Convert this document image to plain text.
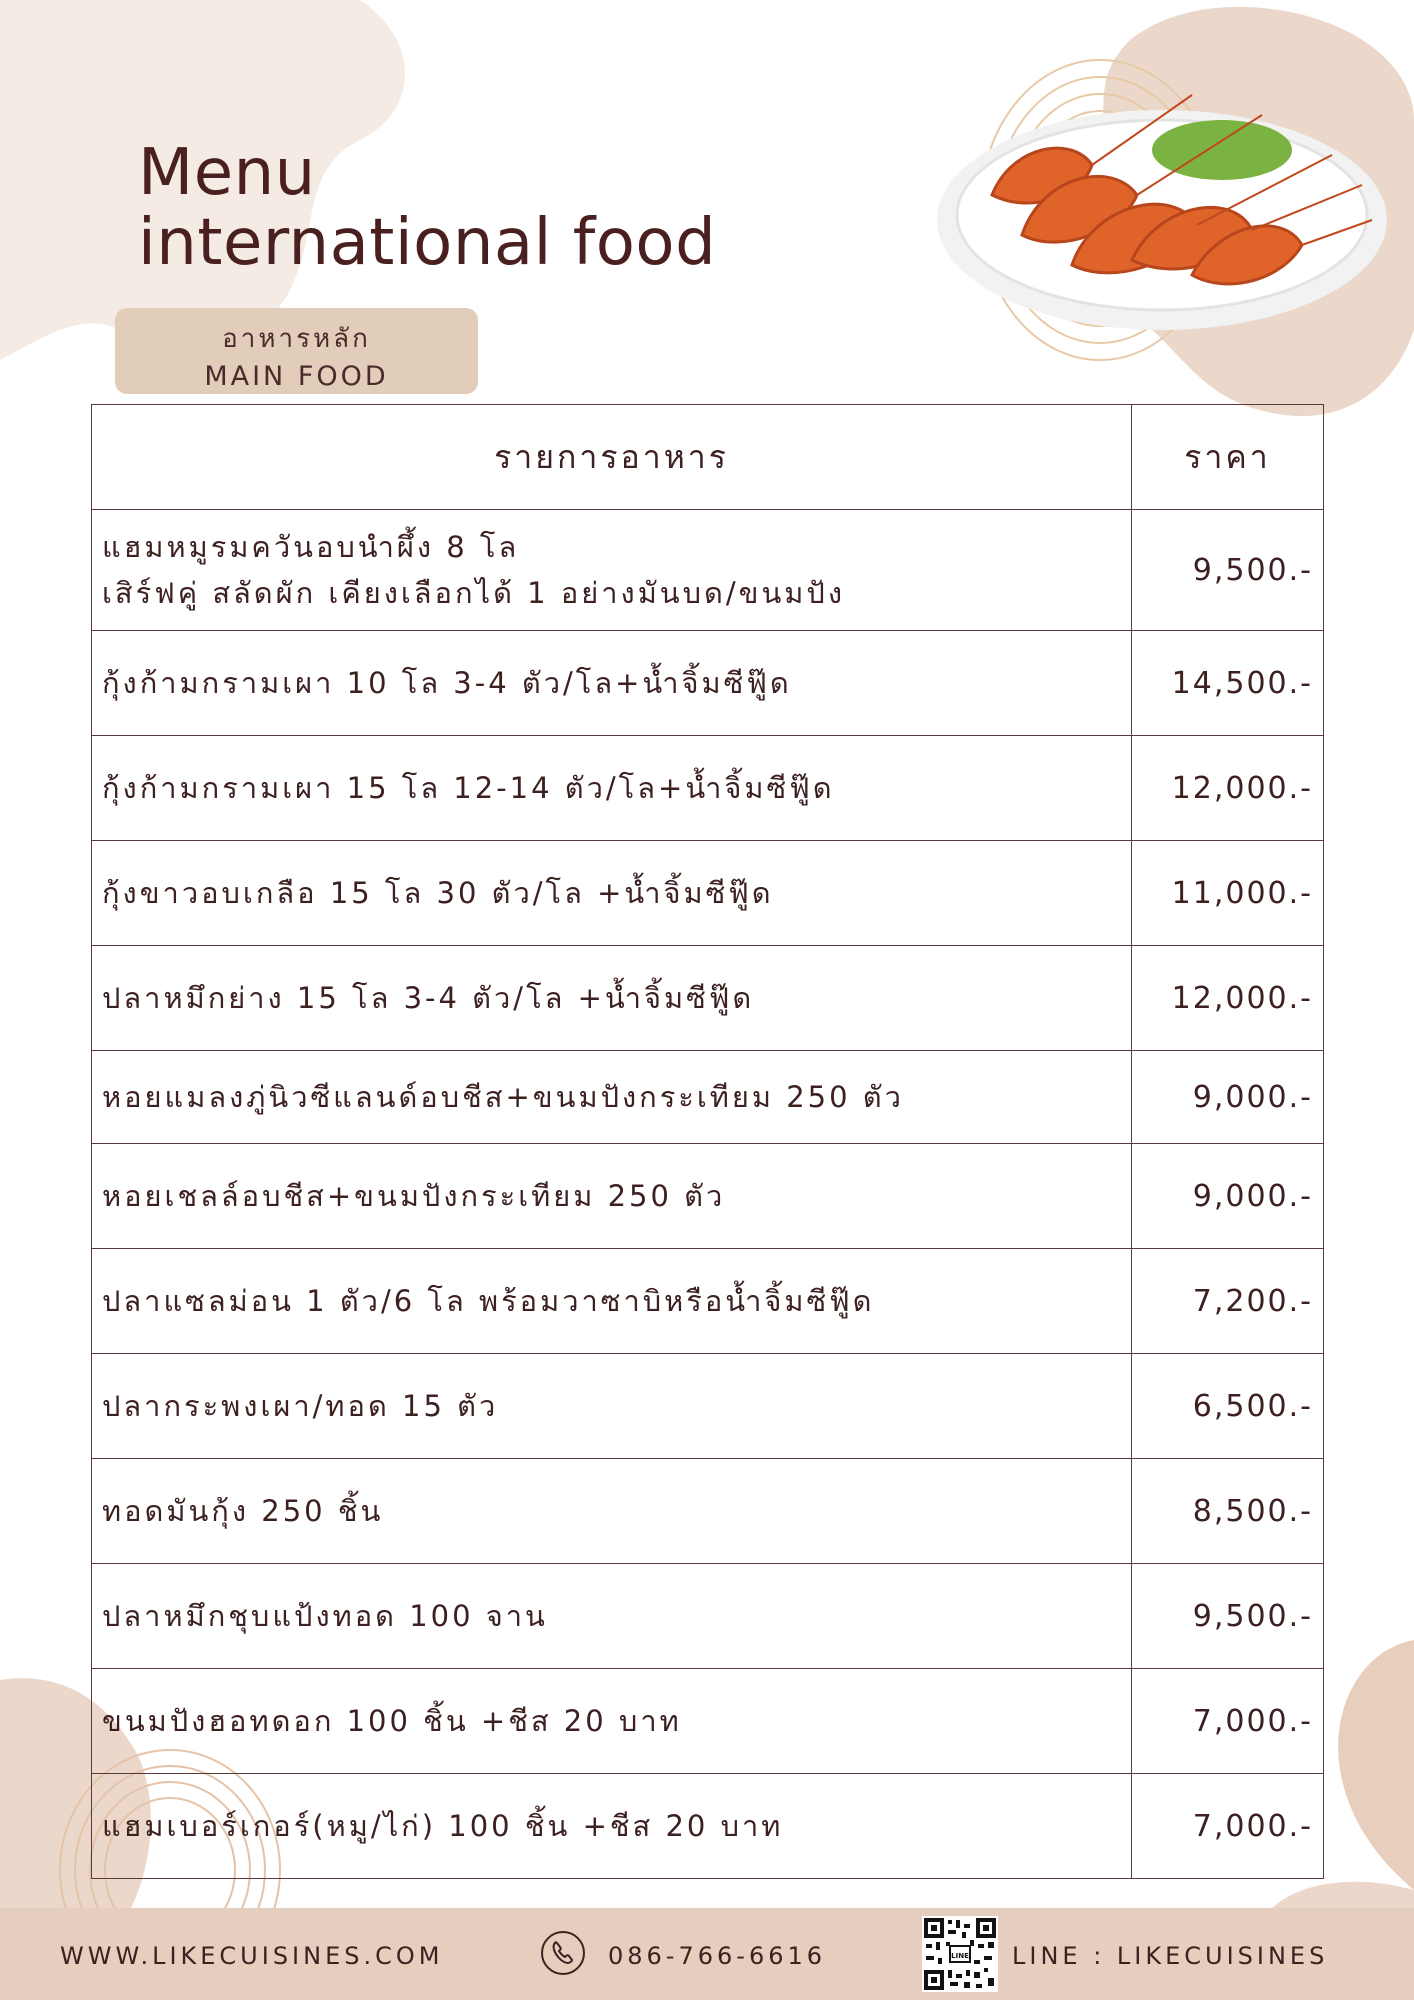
Menu
international food
อาหารหลัก
MAIN FOOD
รายการอาหาร	ราคา

แฮมหมูรมควันอบนำผึ้ง 8 โล
เสิร์ฟคู่ สลัดผัก เคียงเลือกได้ 1 อย่างมันบด/ขนมปัง	9,500.-
กุ้งก้ามกรามเผา 10 โล 3-4 ตัว/โล+น้ำจิ้มซีฟู๊ด	14,500.-
กุ้งก้ามกรามเผา 15 โล 12-14 ตัว/โล+น้ำจิ้มซีฟู๊ด	12,000.-
กุ้งขาวอบเกลือ 15 โล 30 ตัว/โล +น้ำจิ้มซีฟู๊ด	11,000.-
ปลาหมึกย่าง 15 โล 3-4 ตัว/โล +น้ำจิ้มซีฟู๊ด	12,000.-
หอยแมลงภู่นิวซีแลนด์อบชีส+ขนมปังกระเทียม 250 ตัว	9,000.-
หอยเชลล์อบชีส+ขนมปังกระเทียม 250 ตัว	9,000.-
ปลาแซลม่อน 1 ตัว/6 โล พร้อมวาซาบิหรือน้ำจิ้มซีฟู๊ด	7,200.-
ปลากระพงเผา/ทอด 15 ตัว	6,500.-
ทอดมันกุ้ง 250 ชิ้น	8,500.-
ปลาหมึกชุบแป้งทอด 100 จาน	9,500.-
ขนมปังฮอทดอก 100 ชิ้น +ชีส 20 บาท	7,000.-
แฮมเบอร์เกอร์(หมู/ไก่) 100 ชิ้น +ชีส 20 บาท	7,000.-
WWW.LIKECUISINES.COM	086-766-6616	LINE LINE : LIKECUISINES
